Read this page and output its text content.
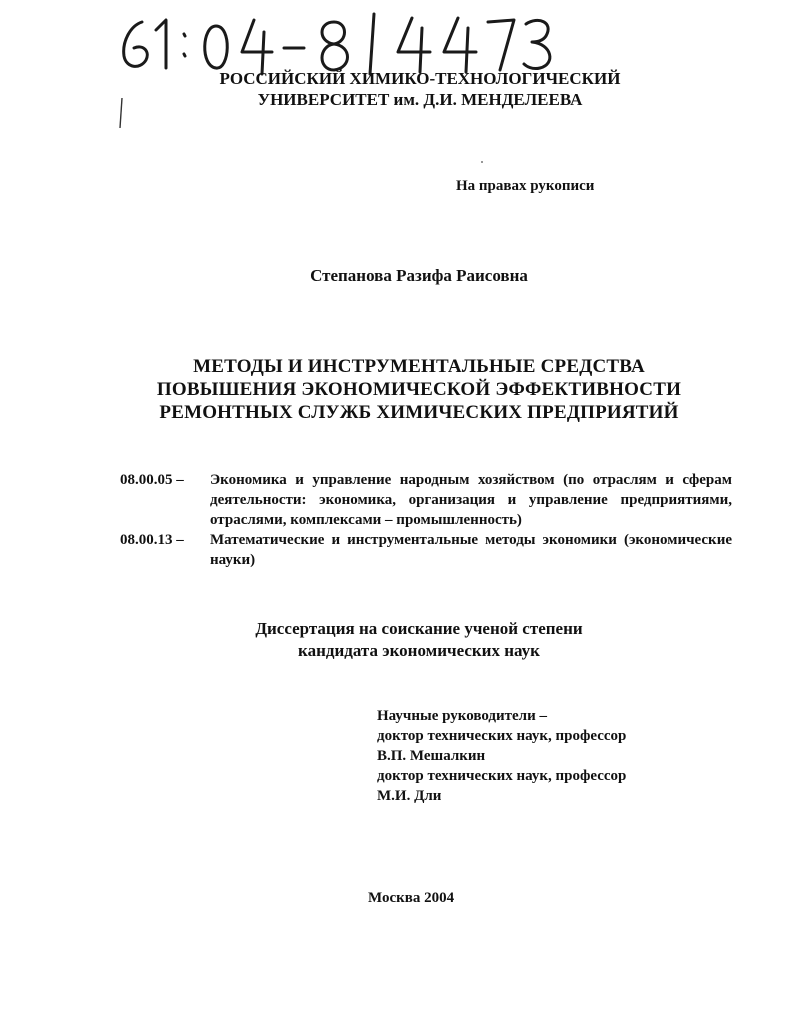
РОССИЙСКИЙ ХИМИКО-ТЕХНОЛОГИЧЕСКИЙ
УНИВЕРСИТЕТ им. Д.И. МЕНДЕЛЕЕВА
На правах рукописи
Степанова Разифа Раисовна
МЕТОДЫ И ИНСТРУМЕНТАЛЬНЫЕ СРЕДСТВА
ПОВЫШЕНИЯ ЭКОНОМИЧЕСКОЙ ЭФФЕКТИВНОСТИ
РЕМОНТНЫХ СЛУЖБ ХИМИЧЕСКИХ ПРЕДПРИЯТИЙ
08.00.05 – Экономика и управление народным хозяйством (по отраслям и сферам деятельности: экономика, организация и управление предприятиями, отраслями, комплексами – промышленность)
08.00.13 – Математические и инструментальные методы экономики (экономические науки)
Диссертация на соискание ученой степени
кандидата экономических наук
Научные руководители –
доктор технических наук, профессор
В.П. Мешалкин
доктор технических наук, профессор
М.И. Дли
Москва 2004
